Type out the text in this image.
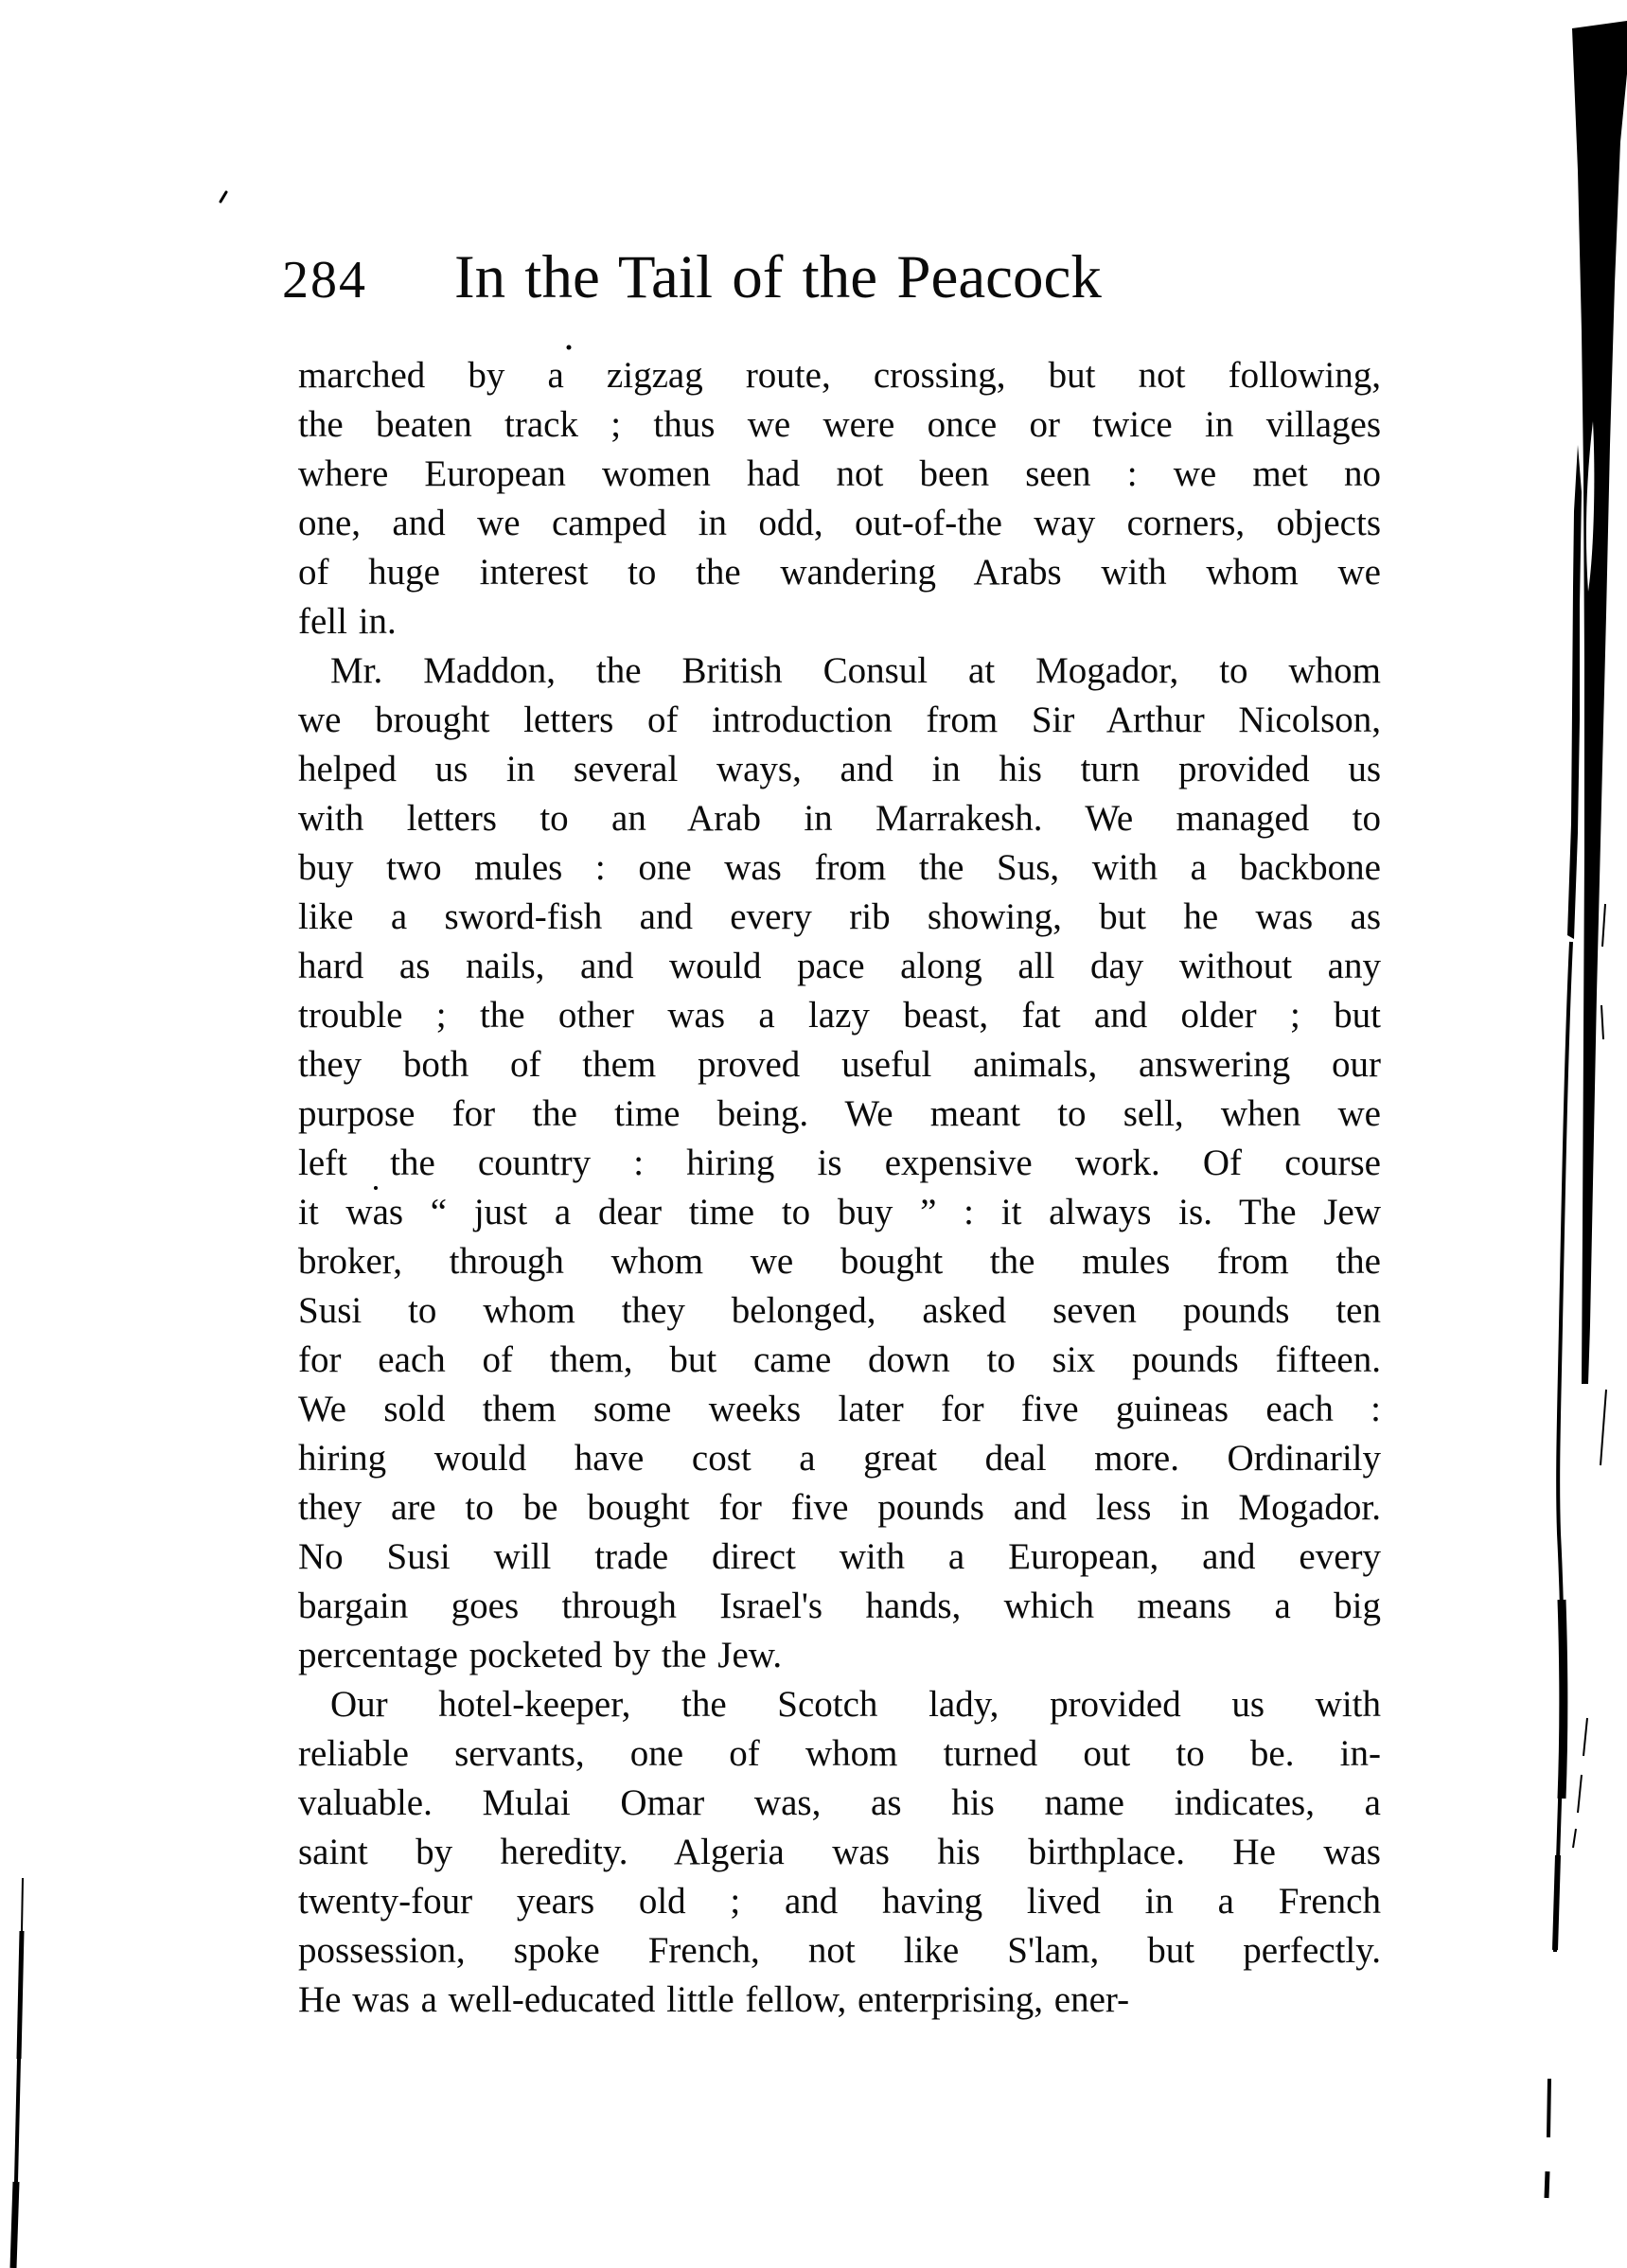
284 In the Tail of the Peacock
marched by a zigzag route, crossing, but not following,
the beaten track ; thus we were once or twice in villages
where European women had not been seen : we met no
one, and we camped in odd, out-of-the way corners, objects
of huge interest to the wandering Arabs with whom we
fell in.
Mr. Maddon, the British Consul at Mogador, to whom
we brought letters of introduction from Sir Arthur Nicolson,
helped us in several ways, and in his turn provided us
with letters to an Arab in Marrakesh. We managed to
buy two mules : one was from the Sus, with a backbone
like a sword-fish and every rib showing, but he was as
hard as nails, and would pace along all day without any
trouble ; the other was a lazy beast, fat and older ; but
they both of them proved useful animals, answering our
purpose for the time being. We meant to sell, when we
left the country : hiring is expensive work. Of course
it was “ just a dear time to buy ” : it always is. The Jew
broker, through whom we bought the mules from the
Susi to whom they belonged, asked seven pounds ten
for each of them, but came down to six pounds fifteen.
We sold them some weeks later for five guineas each :
hiring would have cost a great deal more. Ordinarily
they are to be bought for five pounds and less in Mogador.
No Susi will trade direct with a European, and every
bargain goes through Israel's hands, which means a big
percentage pocketed by the Jew.
Our hotel-keeper, the Scotch lady, provided us with
reliable servants, one of whom turned out to be. in-
valuable. Mulai Omar was, as his name indicates, a
saint by heredity. Algeria was his birthplace. He was
twenty-four years old ; and having lived in a French
possession, spoke French, not like S'lam, but perfectly.
He was a well-educated little fellow, enterprising, ener-
